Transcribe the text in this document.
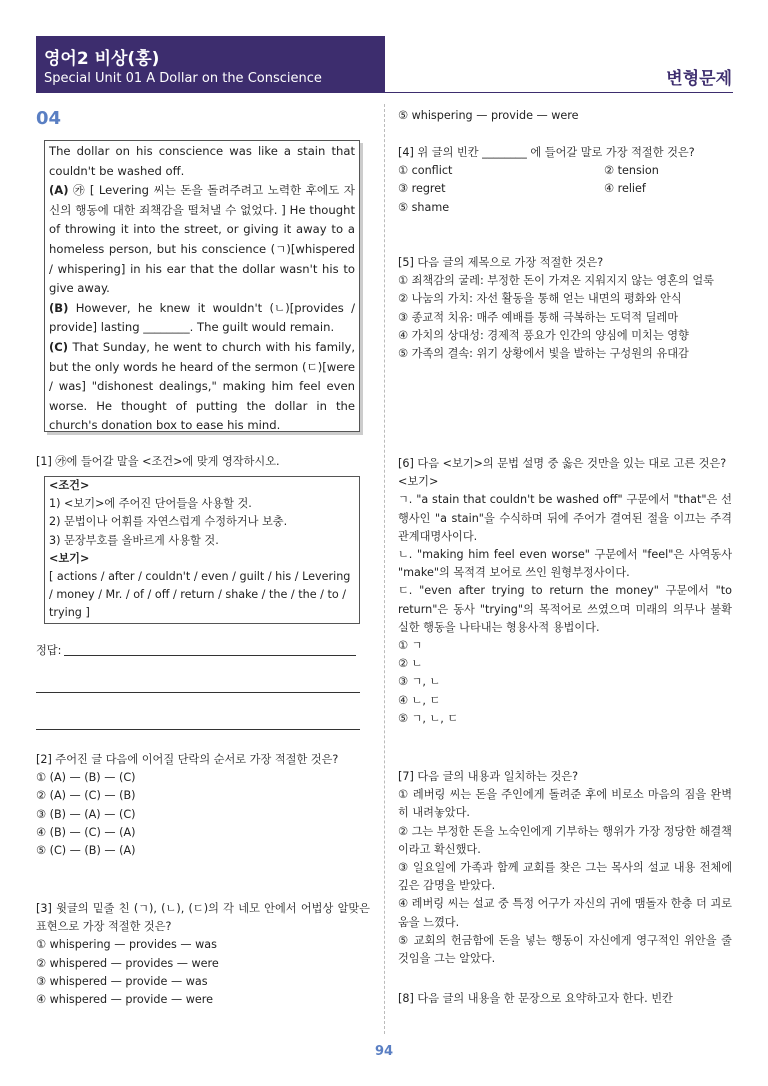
영어2 비상(홍)
Special Unit 01 A Dollar on the Conscience	변형문제
04

The dollar on his conscience was like a stain that couldn't be washed off.

(A) ㉮ [ Levering 씨는 돈을 돌려주려고 노력한 후에도 자신의 행동에 대한 죄책감을 떨쳐낼 수 없었다. ] He thought of throwing it into the street, or giving it away to a homeless person, but his conscience (ㄱ)[whispered / whispering] in his ear that the dollar wasn't his to give away.

(B) However, he knew it wouldn't (ㄴ)[provides / provide] lasting ________. The guilt would remain.

(C) That Sunday, he went to church with his family, but the only words he heard of the sermon (ㄷ)[were / was] "dishonest dealings," making him feel even worse. He thought of putting the dollar in the church's donation box to ease his mind.

[1] ㉮에 들어갈 말을 <조건>에 맞게 영작하시오.
<조건>
1) <보기>에 주어진 단어들을 사용할 것.
2) 문법이나 어휘를 자연스럽게 수정하거나 보충.
3) 문장부호를 올바르게 사용할 것.
<보기>
[ actions / after / couldn't / even / guilt / his / Levering / money / Mr. / of / off / return / shake / the / the / to / trying ]
정답:
[2] 주어진 글 다음에 이어질 단락의 순서로 가장 적절한 것은?
① (A) — (B) — (C)
② (A) — (C) — (B)
③ (B) — (A) — (C)
④ (B) — (C) — (A)
⑤ (C) — (B) — (A)
[3] 윗글의 밑줄 친 (ㄱ), (ㄴ), (ㄷ)의 각 네모 안에서 어법상 알맞은 표현으로 가장 적절한 것은?
① whispering — provides — was
② whispered — provides — were
③ whispered — provide — was
④ whispered — provide — were
⑤ whispering — provide — were
[4] 위 글의 빈칸 ________ 에 들어갈 말로 가장 적절한 것은?
① conflict	② tension
③ regret	④ relief
⑤ shame
[5] 다음 글의 제목으로 가장 적절한 것은?
① 죄책감의 굴레: 부정한 돈이 가져온 지워지지 않는 영혼의 얼룩
② 나눔의 가치: 자선 활동을 통해 얻는 내면의 평화와 안식
③ 종교적 치유: 매주 예배를 통해 극복하는 도덕적 딜레마
④ 가치의 상대성: 경제적 풍요가 인간의 양심에 미치는 영향
⑤ 가족의 결속: 위기 상황에서 빛을 발하는 구성원의 유대감
[6] 다음 <보기>의 문법 설명 중 옳은 것만을 있는 대로 고른 것은?
<보기>
ㄱ. "a stain that couldn't be washed off" 구문에서 "that"은 선행사인 "a stain"을 수식하며 뒤에 주어가 결여된 절을 이끄는 주격 관계대명사이다.
ㄴ. "making him feel even worse" 구문에서 "feel"은 사역동사 "make"의 목적격 보어로 쓰인 원형부정사이다.
ㄷ. "even after trying to return the money" 구문에서 "to return"은 동사 "trying"의 목적어로 쓰였으며 미래의 의무나 불확실한 행동을 나타내는 형용사적 용법이다.
① ㄱ
② ㄴ
③ ㄱ, ㄴ
④ ㄴ, ㄷ
⑤ ㄱ, ㄴ, ㄷ
[7] 다음 글의 내용과 일치하는 것은?
① 레버링 씨는 돈을 주인에게 돌려준 후에 비로소 마음의 짐을 완벽히 내려놓았다.
② 그는 부정한 돈을 노숙인에게 기부하는 행위가 가장 정당한 해결책이라고 확신했다.
③ 일요일에 가족과 함께 교회를 찾은 그는 목사의 설교 내용 전체에 깊은 감명을 받았다.
④ 레버링 씨는 설교 중 특정 어구가 자신의 귀에 맴돌자 한층 더 괴로움을 느꼈다.
⑤ 교회의 헌금함에 돈을 넣는 행동이 자신에게 영구적인 위안을 줄 것임을 그는 알았다.
[8] 다음 글의 내용을 한 문장으로 요약하고자 한다. 빈칸
94
